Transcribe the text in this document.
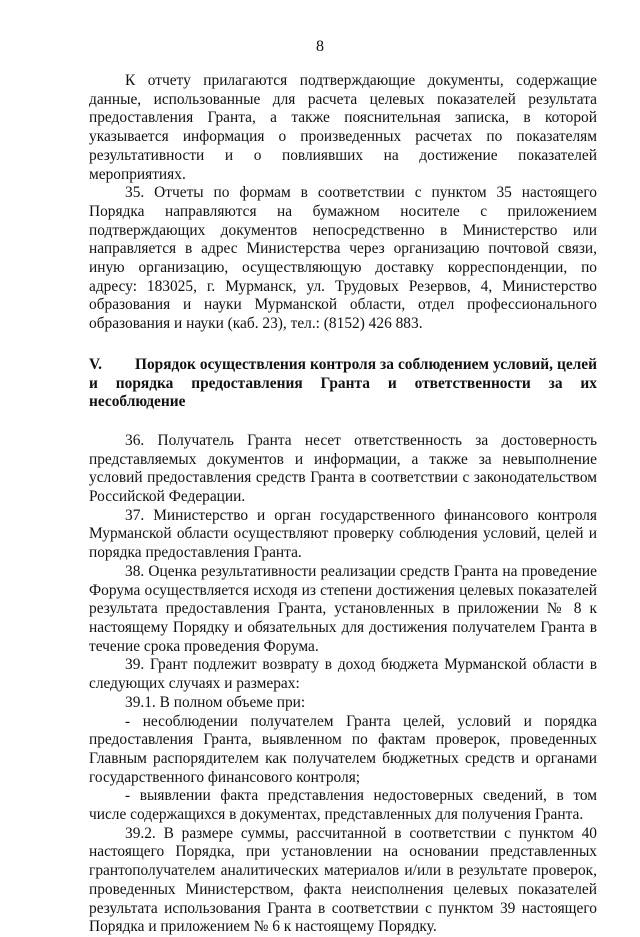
8

К отчету прилагаются подтверждающие документы, содержащие данные, использованные для расчета целевых показателей результата предоставления Гранта, а также пояснительная записка, в которой указывается информация о произведенных расчетах по показателям результативности и о повлиявших на достижение показателей мероприятиях.

35. Отчеты по формам в соответствии с пунктом 35 настоящего Порядка направляются на бумажном носителе с приложением подтверждающих документов непосредственно в Министерство или направляется в адрес Министерства через организацию почтовой связи, иную организацию, осуществляющую доставку корреспонденции, по адресу: 183025, г. Мурманск, ул. Трудовых Резервов, 4, Министерство образования и науки Мурманской области, отдел профессионального образования и науки (каб. 23), тел.: (8152) 426 883.

V. Порядок осуществления контроля за соблюдением условий, целей и порядка предоставления Гранта и ответственности за их несоблюдение

36. Получатель Гранта несет ответственность за достоверность представляемых документов и информации, а также за невыполнение условий предоставления средств Гранта в соответствии с законодательством Российской Федерации.

37. Министерство и орган государственного финансового контроля Мурманской области осуществляют проверку соблюдения условий, целей и порядка предоставления Гранта.

38. Оценка результативности реализации средств Гранта на проведение Форума осуществляется исходя из степени достижения целевых показателей результата предоставления Гранта, установленных в приложении № 8 к настоящему Порядку и обязательных для достижения получателем Гранта в течение срока проведения Форума.

39. Грант подлежит возврату в доход бюджета Мурманской области в следующих случаях и размерах:

39.1. В полном объеме при:

- несоблюдении получателем Гранта целей, условий и порядка предоставления Гранта, выявленном по фактам проверок, проведенных Главным распорядителем как получателем бюджетных средств и органами государственного финансового контроля;

- выявлении факта представления недостоверных сведений, в том числе содержащихся в документах, представленных для получения Гранта.

39.2. В размере суммы, рассчитанной в соответствии с пунктом 40 настоящего Порядка, при установлении на основании представленных грантополучателем аналитических материалов и/или в результате проверок, проведенных Министерством, факта неисполнения целевых показателей результата использования Гранта в соответствии с пунктом 39 настоящего Порядка и приложением № 6 к настоящему Порядку.
